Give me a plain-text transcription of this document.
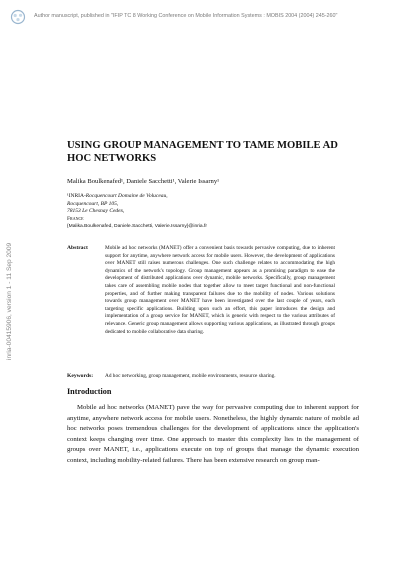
Author manuscript, published in "IFIP TC 8 Working Conference on Mobile Information Systems : MOBIS 2004 (2004) 245-260"
inria-00415906, version 1 - 11 Sep 2009
USING GROUP MANAGEMENT TO TAME MOBILE AD HOC NETWORKS
Malika Boulkenafed¹, Daniele Sacchetti¹, Valerie Issarny¹
¹INRIA-Rocquencourt Domaine de Voluceau,
Rocquencourt, BP 105,
78153 Le Chesnay Cedex,
France
{Malika.Boulkenafed, Daniele.Sacchetti, Valerie.Issarny}@inria.fr
Abstract	Mobile ad hoc networks (MANET) offer a convenient basis towards pervasive computing, due to inherent support for anytime, anywhere network access for mobile users. However, the development of applications over MANET still raises numerous challenges. One such challenge relates to accommodating the high dynamics of the network's topology. Group management appears as a promising paradigm to ease the development of distributed applications over dynamic, mobile networks. Specifically, group management takes care of assembling mobile nodes that together allow to meet target functional and non-functional properties, and of further making transparent failures due to the mobility of nodes. Various solutions towards group management over MANET have been investigated over the last couple of years, each targeting specific applications. Building upon such an effort, this paper introduces the design and implementation of a group service for MANET, which is generic with respect to the various attributes of relevance. Generic group management allows supporting various applications, as illustrated through groups dedicated to mobile collaborative data sharing.
Keywords: Ad hoc networking, group management, mobile environments, resource sharing.
Introduction
Mobile ad hoc networks (MANET) pave the way for pervasive computing due to inherent support for anytime, anywhere network access for mobile users. Nonetheless, the highly dynamic nature of mobile ad hoc networks poses tremendous challenges for the development of applications since the application's context keeps changing over time. One approach to master this complexity lies in the management of groups over MANET, i.e., applications execute on top of groups that manage the dynamic execution context, including mobility-related failures. There has been extensive research on group man-
